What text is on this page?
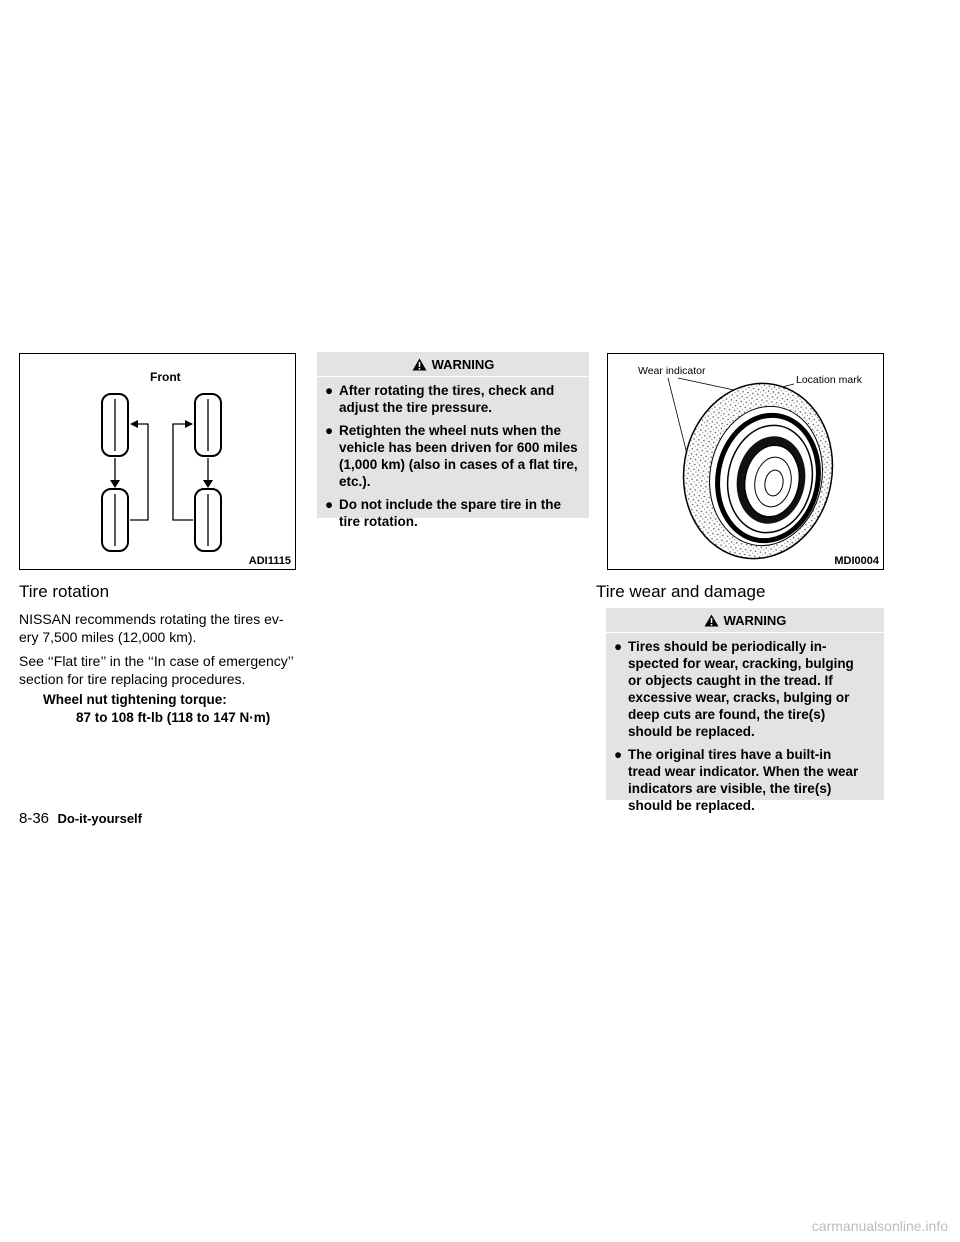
Front
ADI1115
Tire rotation
NISSAN recommends rotating the tires ev-
ery 7,500 miles (12,000 km).
See ‘‘Flat tire’’ in the ‘‘In case of emergency’’
section for tire replacing procedures.
Wheel nut tightening torque:
87 to 108 ft-lb (118 to 147 N·m)
WARNING
● After rotating the tires, check and
adjust the tire pressure.
● Retighten the wheel nuts when the
vehicle has been driven for 600 miles
(1,000 km) (also in cases of a flat tire,
etc.).
● Do not include the spare tire in the
tire rotation.
Wear indicator
Location mark
MDI0004
Tire wear and damage
WARNING
● Tires should be periodically in-
spected for wear, cracking, bulging
or objects caught in the tread. If
excessive wear, cracks, bulging or
deep cuts are found, the tire(s)
should be replaced.
● The original tires have a built-in
tread wear indicator. When the wear
indicators are visible, the tire(s)
should be replaced.
8-36 Do-it-yourself
carmanualsonline.info
